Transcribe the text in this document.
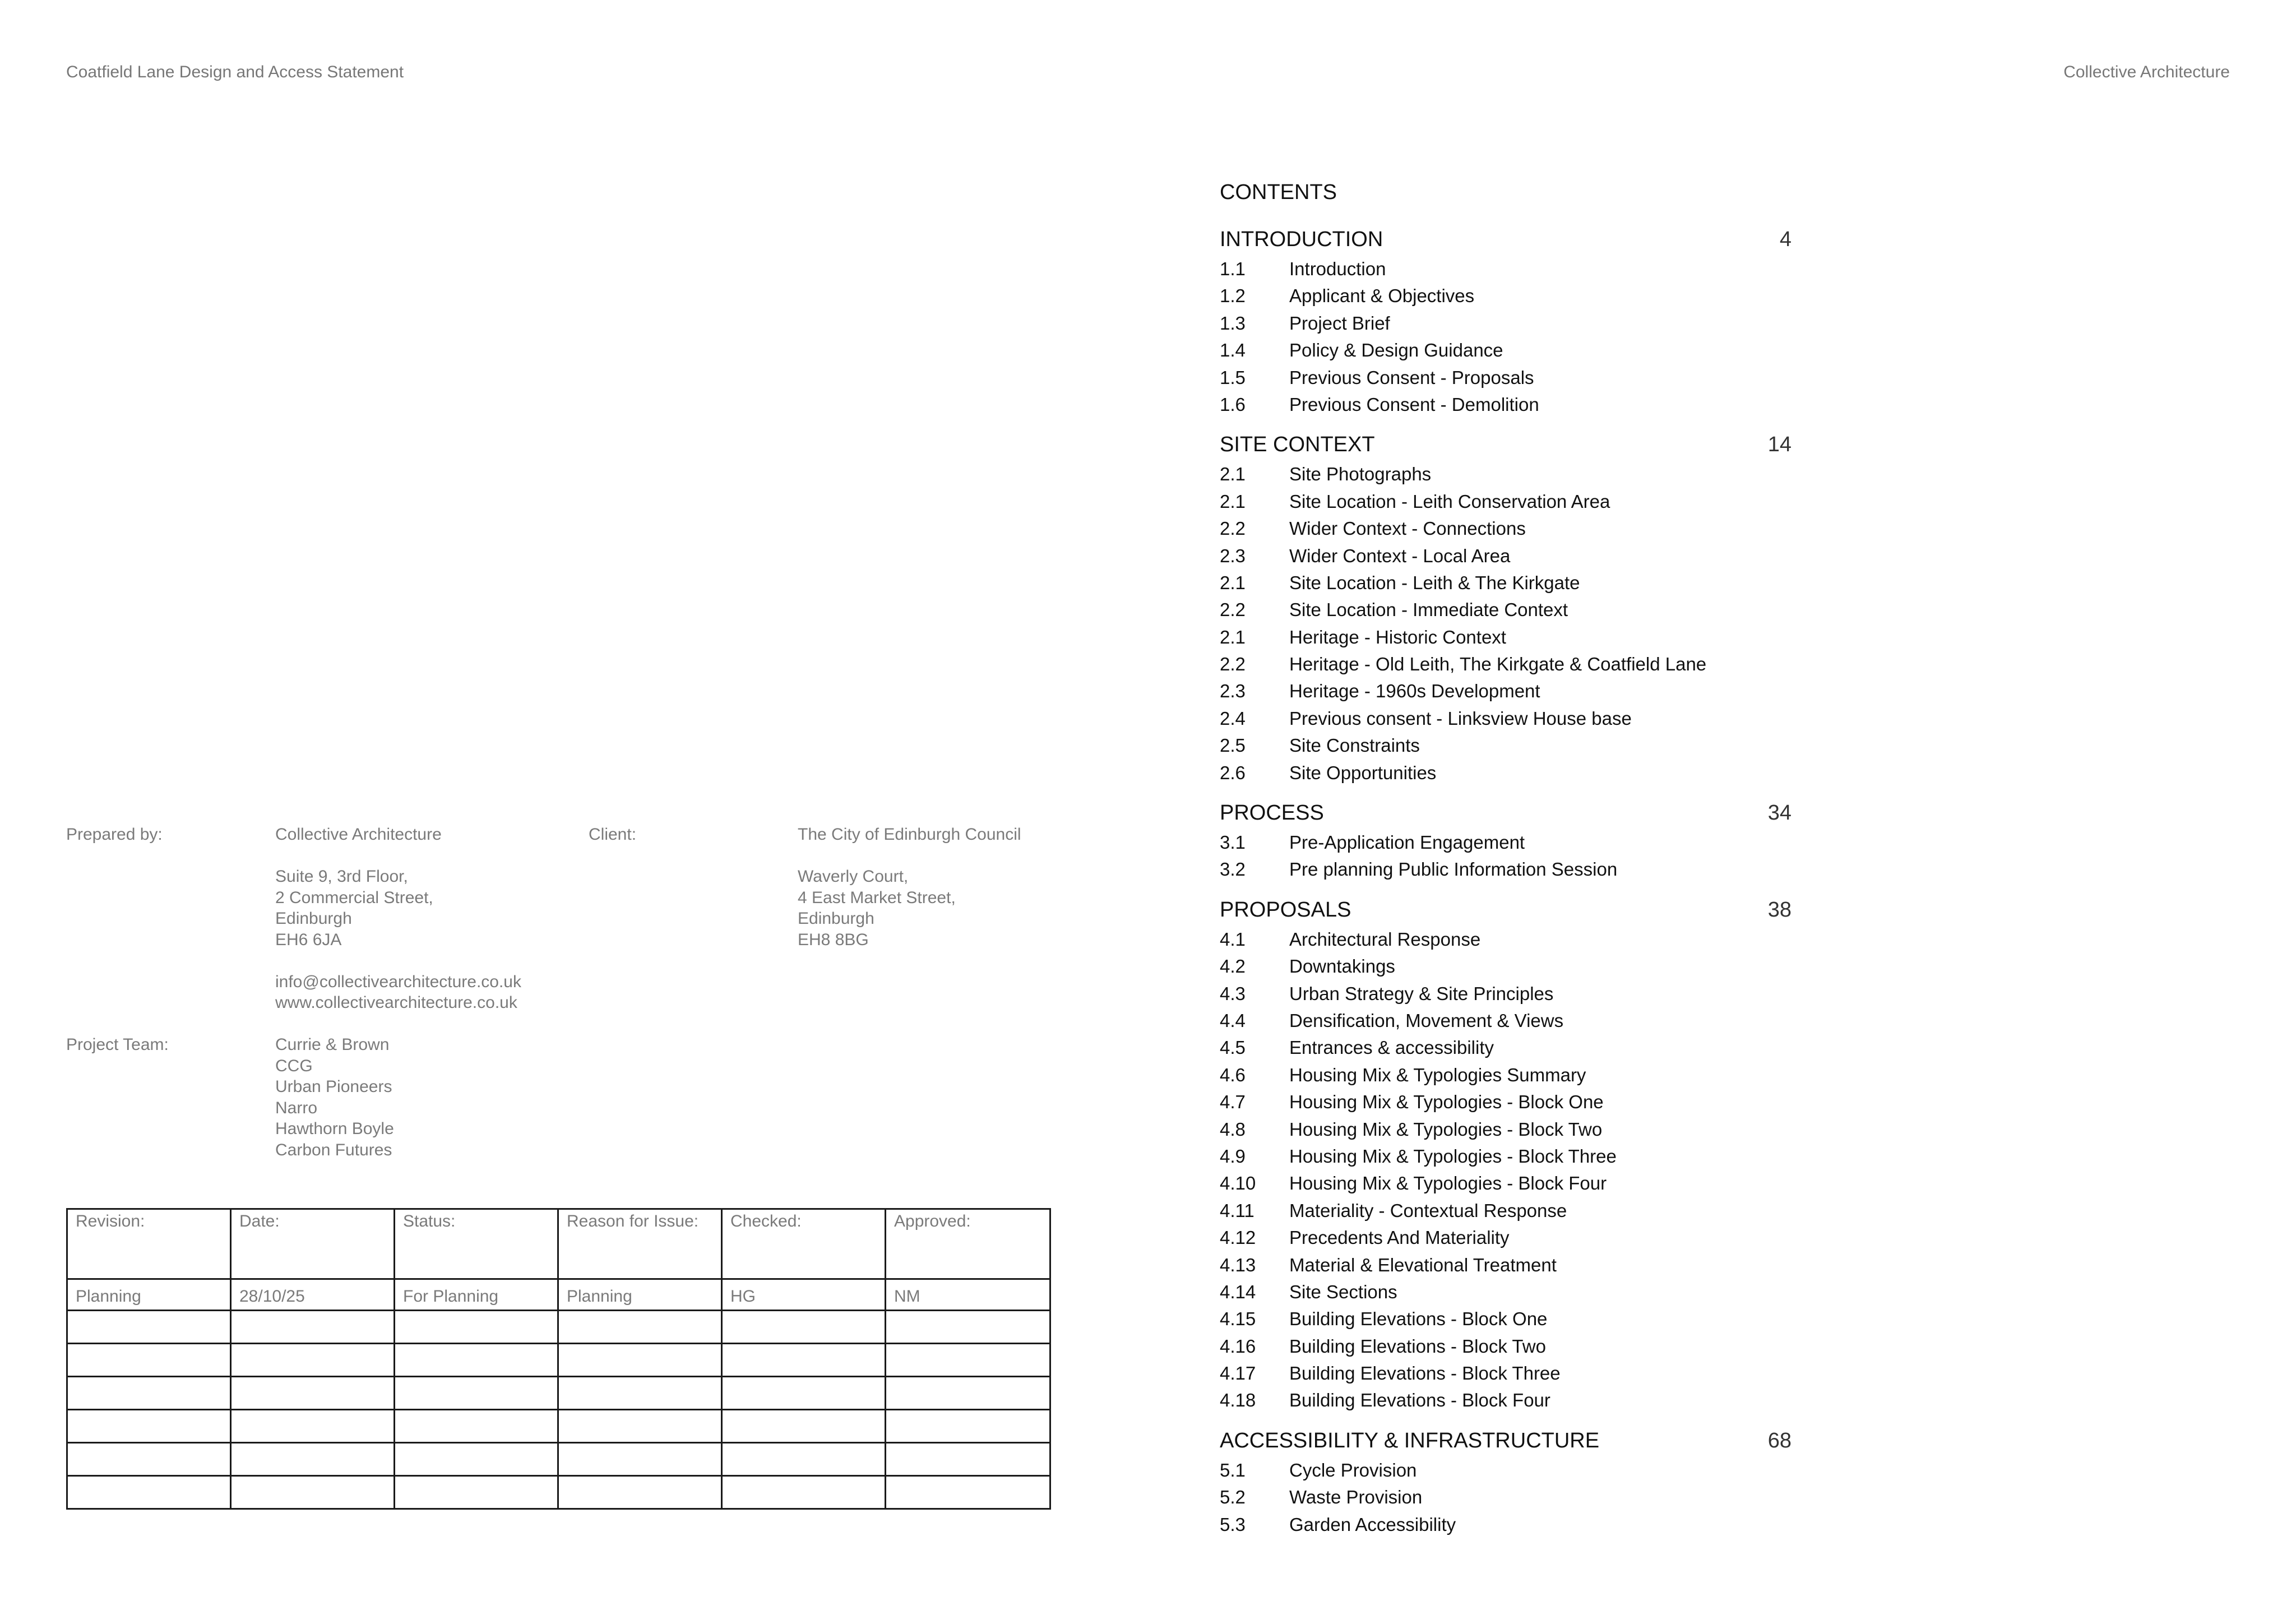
Coatfield Lane Design and Access Statement	Collective Architecture
Prepared by:	Collective Architecture
Suite 9, 3rd Floor,
2 Commercial Street,
Edinburgh
EH6 6JA
info@collectivearchitecture.co.uk
www.collectivearchitecture.co.uk
Client:	The City of Edinburgh Council
Waverly Court,
4 East Market Street,
Edinburgh
EH8 8BG
Project Team:	Currie & Brown
CCG
Urban Pioneers
Narro
Hawthorn Boyle
Carbon Futures
Revision:	Date:	Status:	Reason for Issue:	Checked:	Approved:
Planning	28/10/25	For Planning	Planning	HG	NM

CONTENTS
INTRODUCTION	4
1.1 Introduction
1.2 Applicant & Objectives
1.3 Project Brief
1.4 Policy & Design Guidance
1.5 Previous Consent - Proposals
1.6 Previous Consent - Demolition
SITE CONTEXT	14
2.1 Site Photographs
2.1 Site Location - Leith Conservation Area
2.2 Wider Context - Connections
2.3 Wider Context - Local Area
2.1 Site Location - Leith & The Kirkgate
2.2 Site Location - Immediate Context
2.1 Heritage - Historic Context
2.2 Heritage - Old Leith, The Kirkgate & Coatfield Lane
2.3 Heritage - 1960s Development
2.4 Previous consent - Linksview House base
2.5 Site Constraints
2.6 Site Opportunities
PROCESS	34
3.1 Pre-Application Engagement
3.2 Pre planning Public Information Session
PROPOSALS	38
4.1 Architectural Response
4.2 Downtakings
4.3 Urban Strategy & Site Principles
4.4 Densification, Movement & Views
4.5 Entrances & accessibility
4.6 Housing Mix & Typologies Summary
4.7 Housing Mix & Typologies - Block One
4.8 Housing Mix & Typologies - Block Two
4.9 Housing Mix & Typologies - Block Three
4.10 Housing Mix & Typologies - Block Four
4.11 Materiality - Contextual Response
4.12 Precedents And Materiality
4.13 Material & Elevational Treatment
4.14 Site Sections
4.15 Building Elevations - Block One
4.16 Building Elevations - Block Two
4.17 Building Elevations - Block Three
4.18 Building Elevations - Block Four
ACCESSIBILITY & INFRASTRUCTURE	68
5.1 Cycle Provision
5.2 Waste Provision
5.3 Garden Accessibility
